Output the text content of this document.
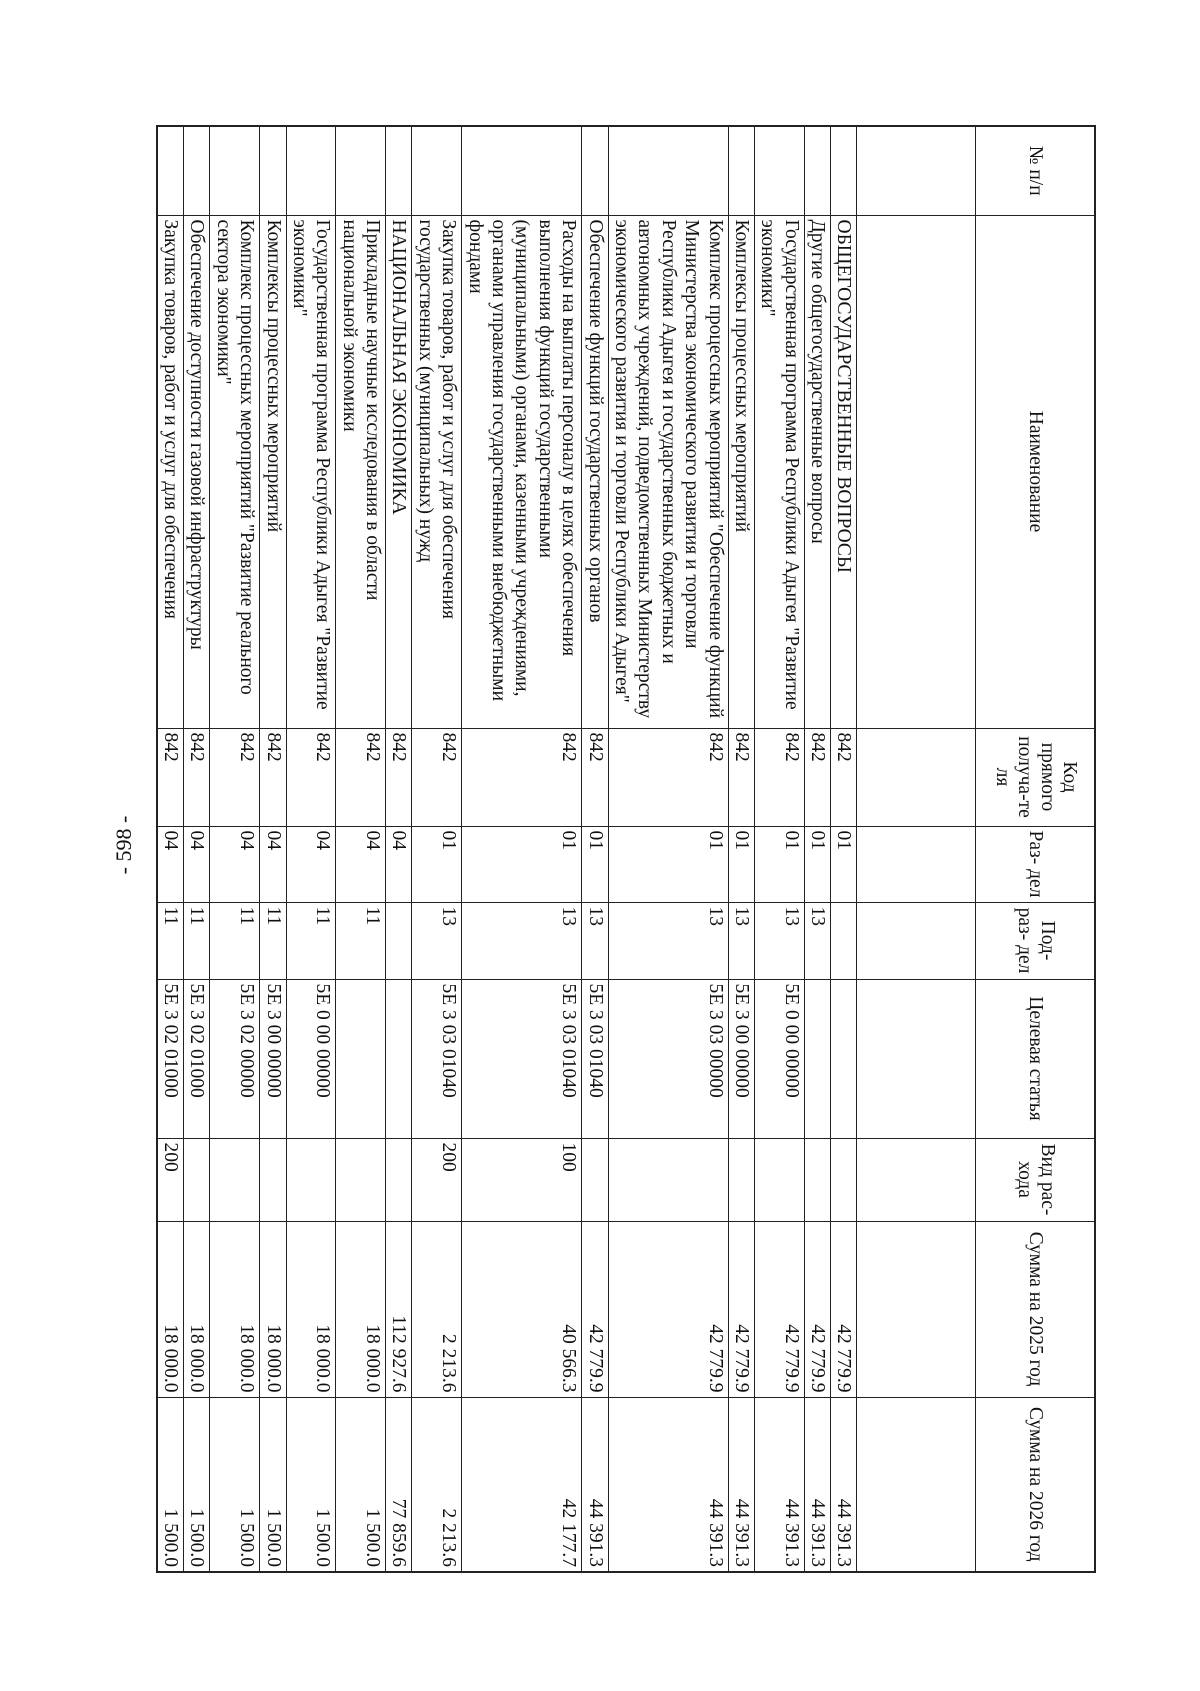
- 598 -
№ п/п	Наименование	Код прямого получа-те ля	Раз- дел	Под- раз- дел	Целевая статья	Вид рас- хода	Сумма на 2025 год	Сумма на 2026 год

	ОБЩЕГОСУДАРСТВЕННЫЕ ВОПРОСЫ	842	01				42 779.9	44 391.3
	Другие общегосударственные вопросы	842	01	13			42 779.9	44 391.3
	Государственная программа Республики Адыгея "Развитие экономики"	842	01	13	5E 0 00 00000		42 779.9	44 391.3
	Комплексы процессных мероприятий	842	01	13	5E 3 00 00000		42 779.9	44 391.3
	Комплекс процессных мероприятий "Обеспечение функций Министерства экономического развития и торговли Республики Адыгея и государственных бюджетных и автономных учреждений, подведомственных Министерству экономического развития и торговли Республики Адыгея"	842	01	13	5E 3 03 00000		42 779.9	44 391.3
	Обеспечение функций государственных органов	842	01	13	5E 3 03 01040		42 779.9	44 391.3
	Расходы на выплаты персоналу в целях обеспечения выполнения функций государственными (муниципальными) органами, казенными учреждениями, органами управления государственными внебюджетными фондами	842	01	13	5E 3 03 01040	100	40 566.3	42 177.7
	Закупка товаров, работ и услуг для обеспечения государственных (муниципальных) нужд	842	01	13	5E 3 03 01040	200	2 213.6	2 213.6
	НАЦИОНАЛЬНАЯ ЭКОНОМИКА	842	04				112 927.6	77 859.6
	Прикладные научные исследования в области национальной экономики	842	04	11			18 000.0	1 500.0
	Государственная программа Республики Адыгея "Развитие экономики"	842	04	11	5E 0 00 00000		18 000.0	1 500.0
	Комплексы процессных мероприятий	842	04	11	5E 3 00 00000		18 000.0	1 500.0
	Комплекс процессных мероприятий "Развитие реального сектора экономики"	842	04	11	5E 3 02 00000		18 000.0	1 500.0
	Обеспечение доступности газовой инфраструктуры	842	04	11	5E 3 02 01000		18 000.0	1 500.0
	Закупка товаров, работ и услуг для обеспечения	842	04	11	5E 3 02 01000	200	18 000.0	1 500.0
